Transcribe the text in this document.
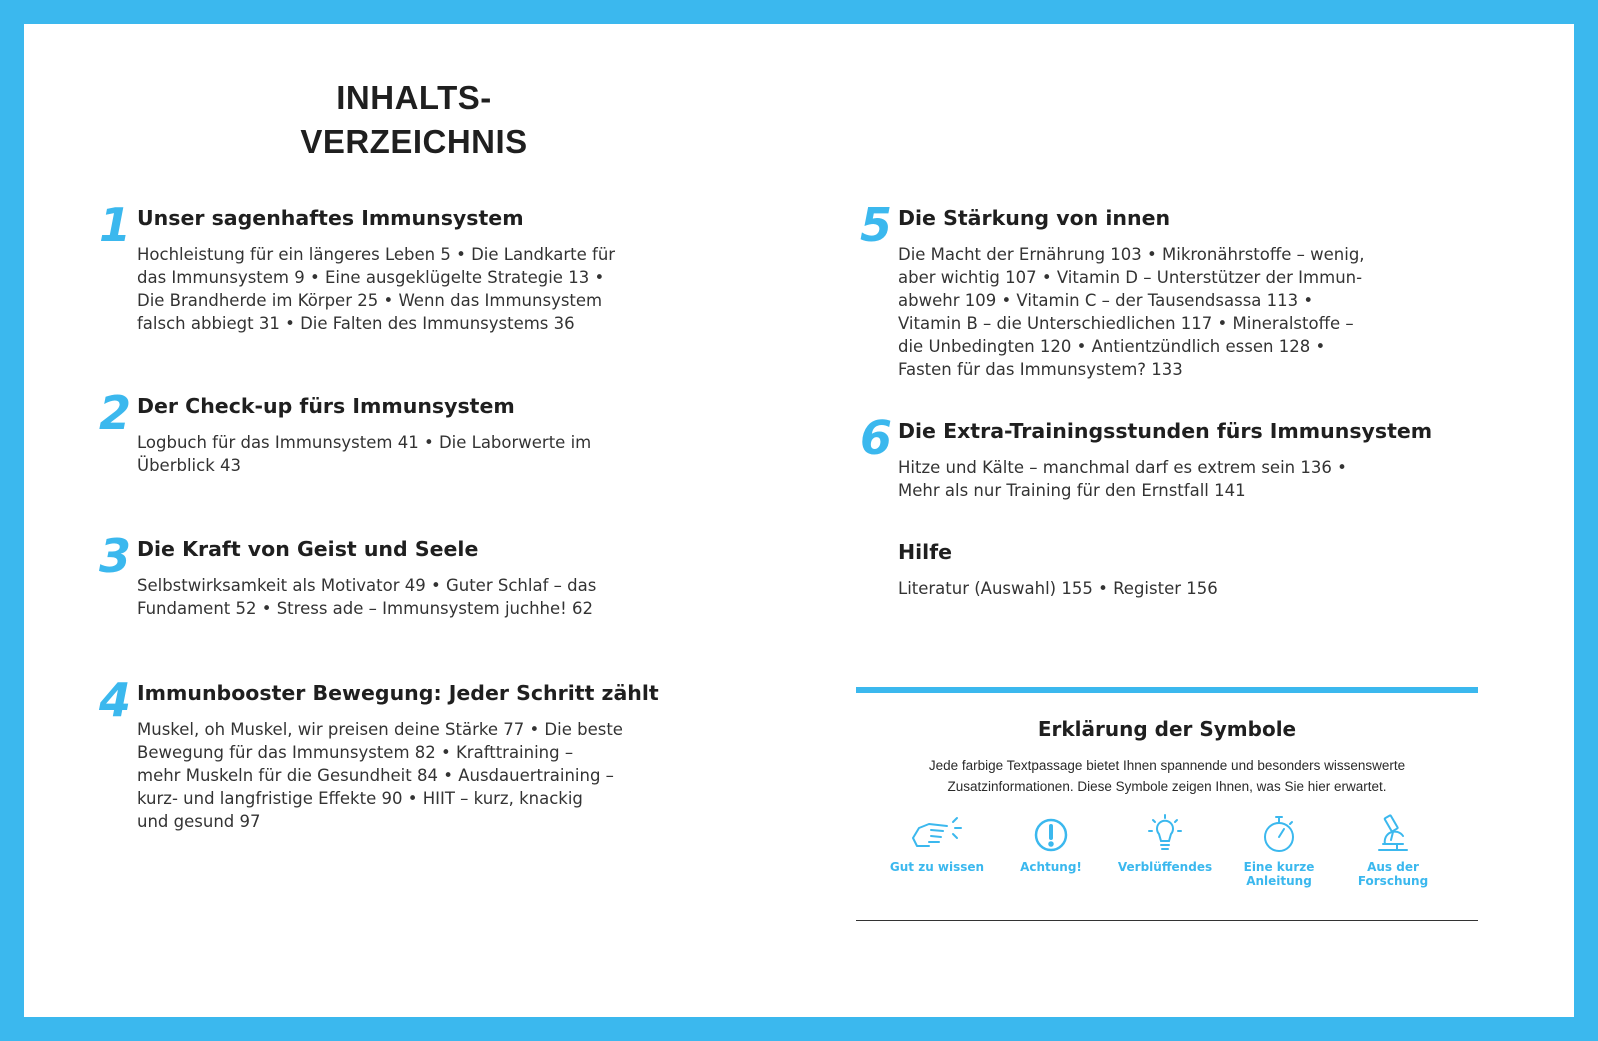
INHALTS-
VERZEICHNIS
1 Unser sagenhaftes Immunsystem

Hochleistung für ein längeres Leben 5 • Die Landkarte für
das Immunsystem 9 • Eine ausgeklügelte Strategie 13 •
Die Brandherde im Körper 25 • Wenn das Immunsystem
falsch abbiegt 31 • Die Falten des Immunsystems 36

2 Der Check-up fürs Immunsystem

Logbuch für das Immunsystem 41 • Die Laborwerte im
Überblick 43

3 Die Kraft von Geist und Seele

Selbstwirksamkeit als Motivator 49 • Guter Schlaf – das
Fundament 52 • Stress ade – Immunsystem juchhe! 62

4 Immunbooster Bewegung: Jeder Schritt zählt

Muskel, oh Muskel, wir preisen deine Stärke 77 • Die beste
Bewegung für das Immunsystem 82 • Krafttraining –
mehr Muskeln für die Gesundheit 84 • Ausdauertraining –
kurz- und langfristige Effekte 90 • HIIT – kurz, knackig
und gesund 97

5 Die Stärkung von innen

Die Macht der Ernährung 103 • Mikronährstoffe – wenig,
aber wichtig 107 • Vitamin D – Unterstützer der Immun-
abwehr 109 • Vitamin C – der Tausendsassa 113 •
Vitamin B – die Unterschiedlichen 117 • Mineralstoffe –
die Unbedingten 120 • Antientzündlich essen 128 •
Fasten für das Immunsystem? 133

6 Die Extra-Trainingsstunden fürs Immunsystem

Hitze und Kälte – manchmal darf es extrem sein 136 •
Mehr als nur Training für den Ernstfall 141

Hilfe

Literatur (Auswahl) 155 • Register 156

Erklärung der Symbole
Jede farbige Textpassage bietet Ihnen spannende und besonders wissenswerte
Zusatzinformationen. Diese Symbole zeigen Ihnen, was Sie hier erwartet.
Gut zu wissen	Achtung!	Verblüffendes	Eine kurze
Anleitung
Aus der
Forschung
